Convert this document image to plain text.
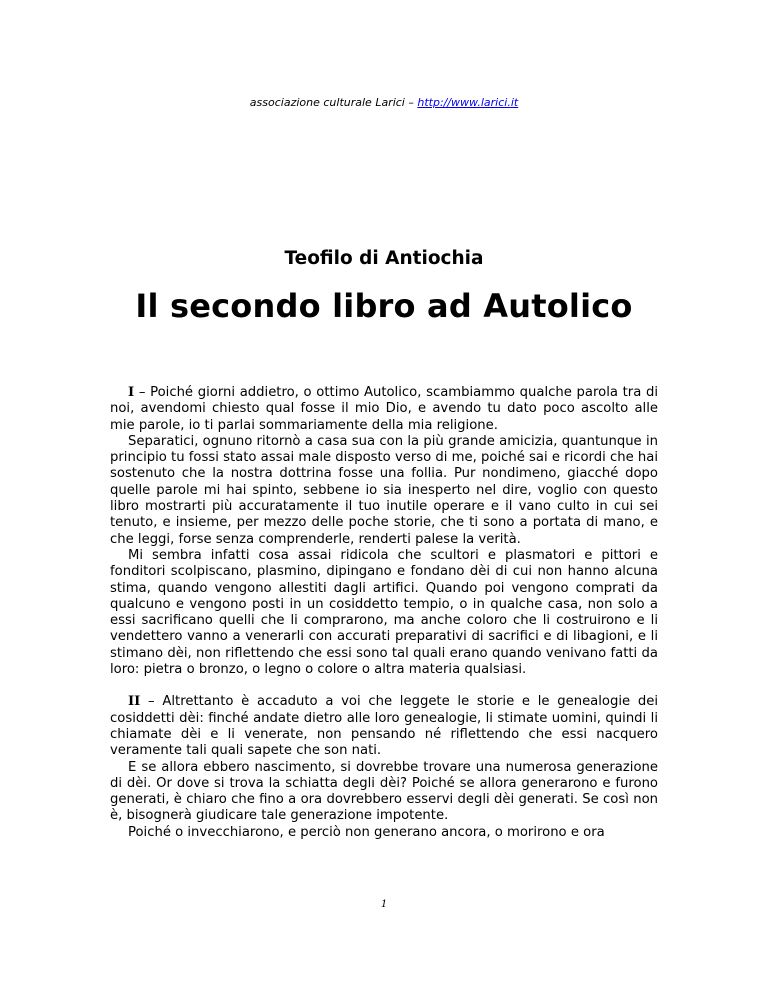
associazione culturale Larici – http://www.larici.it
Teofilo di Antiochia
Il secondo libro ad Autolico

I – Poiché giorni addietro, o ottimo Autolico, scambiammo qualche parola tra di noi, avendomi chiesto qual fosse il mio Dio, e avendo tu dato poco ascolto alle mie parole, io ti parlai sommariamente della mia religione.

Separatici, ognuno ritornò a casa sua con la più grande amicizia, quantunque in principio tu fossi stato assai male disposto verso di me, poiché sai e ricordi che hai sostenuto che la nostra dottrina fosse una follia. Pur nondimeno, giacché dopo quelle parole mi hai spinto, sebbene io sia inesperto nel dire, voglio con questo libro mostrarti più accuratamente il tuo inutile operare e il vano culto in cui sei tenuto, e insieme, per mezzo delle poche storie, che ti sono a portata di mano, e che leggi, forse senza comprenderle, renderti palese la verità.

Mi sembra infatti cosa assai ridicola che scultori e plasmatori e pittori e fonditori scolpiscano, plasmino, dipingano e fondano dèi di cui non hanno alcuna stima, quando vengono allestiti dagli artifici. Quando poi vengono comprati da qualcuno e vengono posti in un cosiddetto tempio, o in qualche casa, non solo a essi sacrificano quelli che li comprarono, ma anche coloro che li costruirono e li vendettero vanno a venerarli con accurati preparativi di sacrifici e di libagioni, e li stimano dèi, non riflettendo che essi sono tal quali erano quando venivano fatti da loro: pietra o bronzo, o legno o colore o altra materia qualsiasi.

II – Altrettanto è accaduto a voi che leggete le storie e le genealogie dei cosiddetti dèi: finché andate dietro alle loro genealogie, li stimate uomini, quindi li chiamate dèi e li venerate, non pensando né riflettendo che essi nacquero veramente tali quali sapete che son nati.

E se allora ebbero nascimento, si dovrebbe trovare una numerosa generazione di dèi. Or dove si trova la schiatta degli dèi? Poiché se allora generarono e furono generati, è chiaro che fino a ora dovrebbero esservi degli dèi generati. Se così non è, bisognerà giudicare tale generazione impotente.

Poiché o invecchiarono, e perciò non generano ancora, o morirono e ora

1
